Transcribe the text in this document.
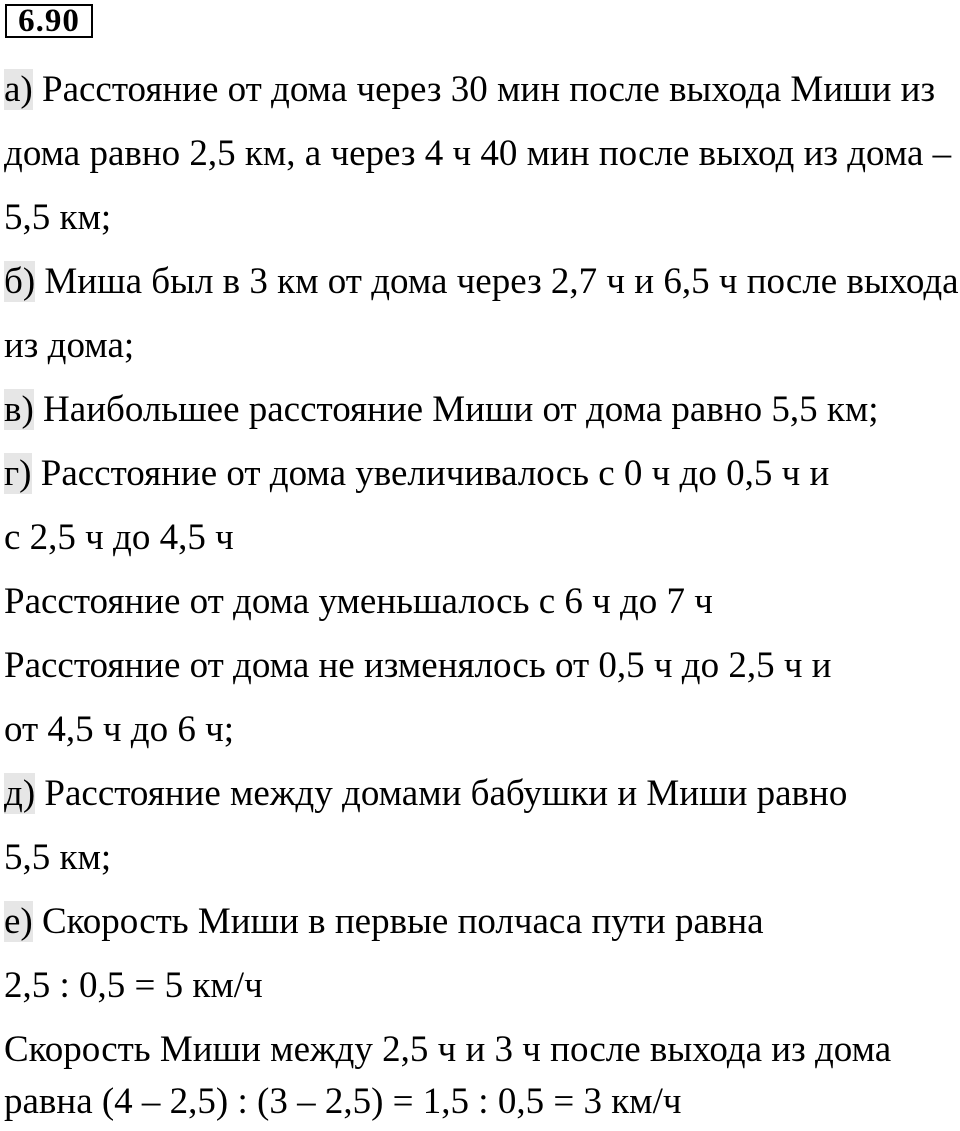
6.90
а) Расстояние от дома через 30 мин после выхода Миши из
дома равно 2,5 км, а через 4 ч 40 мин после выход из дома –
5,5 км;
б) Миша был в 3 км от дома через 2,7 ч и 6,5 ч после выхода
из дома;
в) Наибольшее расстояние Миши от дома равно 5,5 км;
г) Расстояние от дома увеличивалось с 0 ч до 0,5 ч и
с 2,5 ч до 4,5 ч
Расстояние от дома уменьшалось с 6 ч до 7 ч
Расстояние от дома не изменялось от 0,5 ч до 2,5 ч и
от 4,5 ч до 6 ч;
д) Расстояние между домами бабушки и Миши равно
5,5 км;
е) Скорость Миши в первые полчаса пути равна
2,5 : 0,5 = 5 км/ч
Скорость Миши между 2,5 ч и 3 ч после выхода из дома
равна (4 – 2,5) : (3 – 2,5) = 1,5 : 0,5 = 3 км/ч
